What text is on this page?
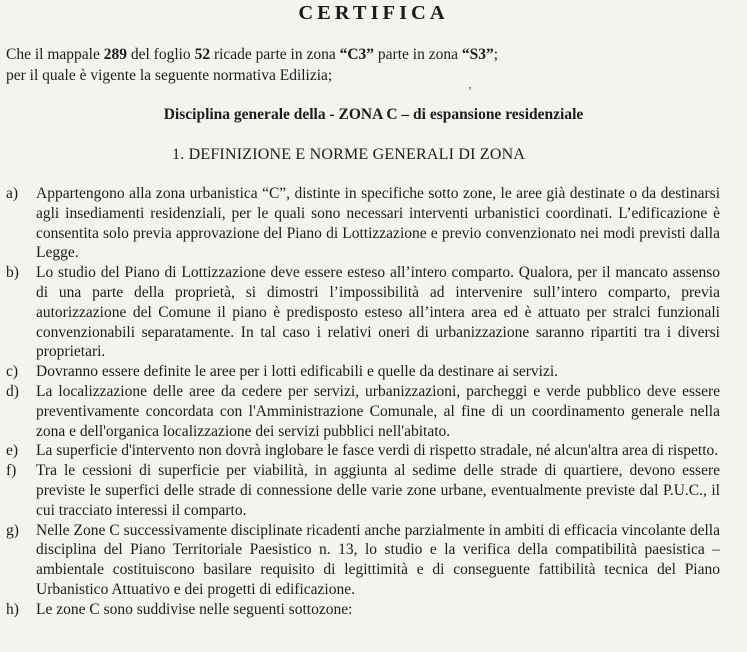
CERTIFICA
Che il mappale 289 del foglio 52 ricade parte in zona “C3” parte in zona “S3”;
per il quale è vigente la seguente normativa Edilizia;
ʼ
Disciplina generale della - ZONA C – di espansione residenziale
1. DEFINIZIONE E NORME GENERALI DI ZONA
a) Appartengono alla zona urbanistica “C”, distinte in specifiche sotto zone, le aree già destinate o da destinarsi agli insediamenti residenziali, per le quali sono necessari interventi urbanistici coordinati. L’edificazione è consentita solo previa approvazione del Piano di Lottizzazione e previo convenzionato nei modi previsti dalla Legge.
b) Lo studio del Piano di Lottizzazione deve essere esteso all’intero comparto. Qualora, per il mancato assenso di una parte della proprietà, si dimostri l’impossibilità ad intervenire sull’intero comparto, previa autorizzazione del Comune il piano è predisposto esteso all’intera area ed è attuato per stralci funzionali convenzionabili separatamente. In tal caso i relativi oneri di urbanizzazione saranno ripartiti tra i diversi proprietari.
c) Dovranno essere definite le aree per i lotti edificabili e quelle da destinare ai servizi.
d) La localizzazione delle aree da cedere per servizi, urbanizzazioni, parcheggi e verde pubblico deve essere preventivamente concordata con l'Amministrazione Comunale, al fine di un coordinamento generale nella zona e dell'organica localizzazione dei servizi pubblici nell'abitato.
e) La superficie d'intervento non dovrà inglobare le fasce verdi di rispetto stradale, né alcun'altra area di rispetto.
f) Tra le cessioni di superficie per viabilità, in aggiunta al sedime delle strade di quartiere, devono essere previste le superfici delle strade di connessione delle varie zone urbane, eventualmente previste dal P.U.C., il cui tracciato interessi il comparto.
g) Nelle Zone C successivamente disciplinate ricadenti anche parzialmente in ambiti di efficacia vincolante della disciplina del Piano Territoriale Paesistico n. 13, lo studio e la verifica della compatibilità paesistica – ambientale costituiscono basilare requisito di legittimità e di conseguente fattibilità tecnica del Piano Urbanistico Attuativo e dei progetti di edificazione.
h) Le zone C sono suddivise nelle seguenti sottozone:
